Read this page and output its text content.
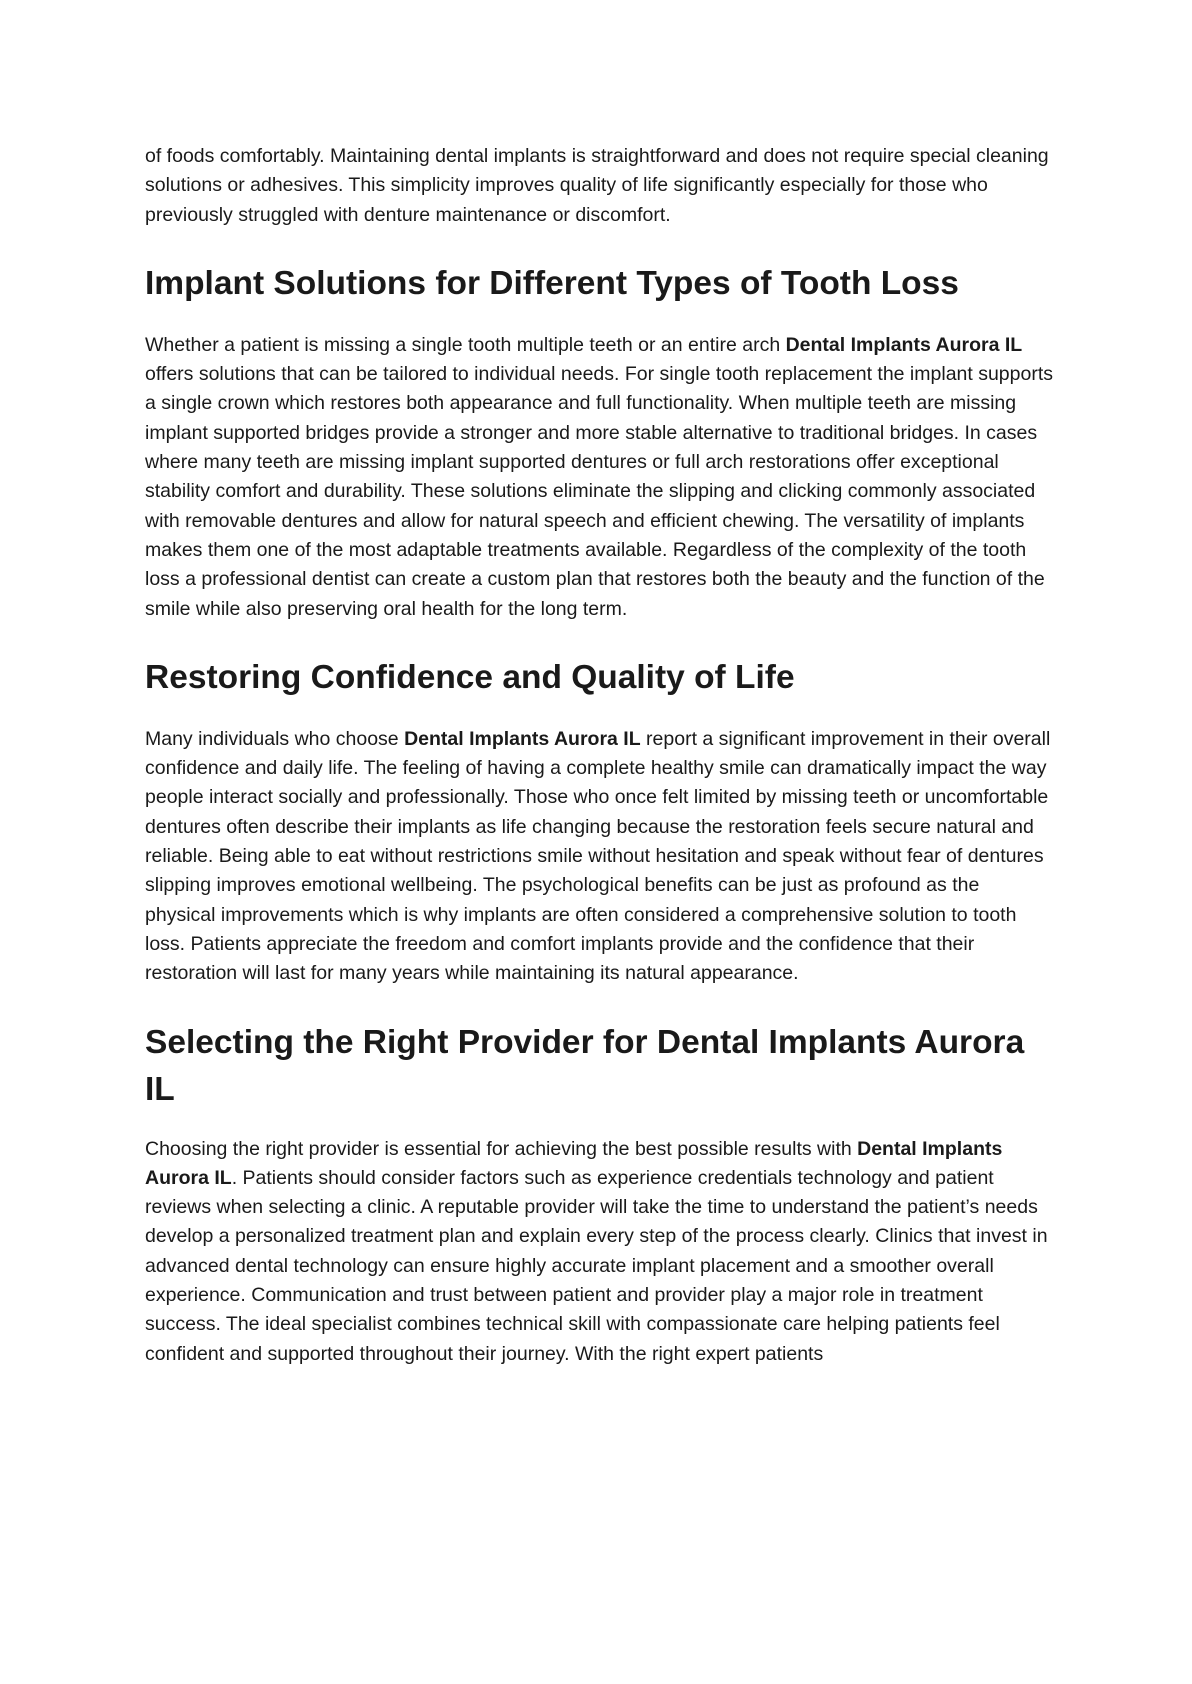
of foods comfortably. Maintaining dental implants is straightforward and does not require special cleaning solutions or adhesives. This simplicity improves quality of life significantly especially for those who previously struggled with denture maintenance or discomfort.

Implant Solutions for Different Types of Tooth Loss

Whether a patient is missing a single tooth multiple teeth or an entire arch Dental Implants Aurora IL offers solutions that can be tailored to individual needs. For single tooth replacement the implant supports a single crown which restores both appearance and full functionality. When multiple teeth are missing implant supported bridges provide a stronger and more stable alternative to traditional bridges. In cases where many teeth are missing implant supported dentures or full arch restorations offer exceptional stability comfort and durability. These solutions eliminate the slipping and clicking commonly associated with removable dentures and allow for natural speech and efficient chewing. The versatility of implants makes them one of the most adaptable treatments available. Regardless of the complexity of the tooth loss a professional dentist can create a custom plan that restores both the beauty and the function of the smile while also preserving oral health for the long term.

Restoring Confidence and Quality of Life

Many individuals who choose Dental Implants Aurora IL report a significant improvement in their overall confidence and daily life. The feeling of having a complete healthy smile can dramatically impact the way people interact socially and professionally. Those who once felt limited by missing teeth or uncomfortable dentures often describe their implants as life changing because the restoration feels secure natural and reliable. Being able to eat without restrictions smile without hesitation and speak without fear of dentures slipping improves emotional wellbeing. The psychological benefits can be just as profound as the physical improvements which is why implants are often considered a comprehensive solution to tooth loss. Patients appreciate the freedom and comfort implants provide and the confidence that their restoration will last for many years while maintaining its natural appearance.

Selecting the Right Provider for Dental Implants Aurora IL

Choosing the right provider is essential for achieving the best possible results with Dental Implants Aurora IL. Patients should consider factors such as experience credentials technology and patient reviews when selecting a clinic. A reputable provider will take the time to understand the patient’s needs develop a personalized treatment plan and explain every step of the process clearly. Clinics that invest in advanced dental technology can ensure highly accurate implant placement and a smoother overall experience. Communication and trust between patient and provider play a major role in treatment success. The ideal specialist combines technical skill with compassionate care helping patients feel confident and supported throughout their journey. With the right expert patients
